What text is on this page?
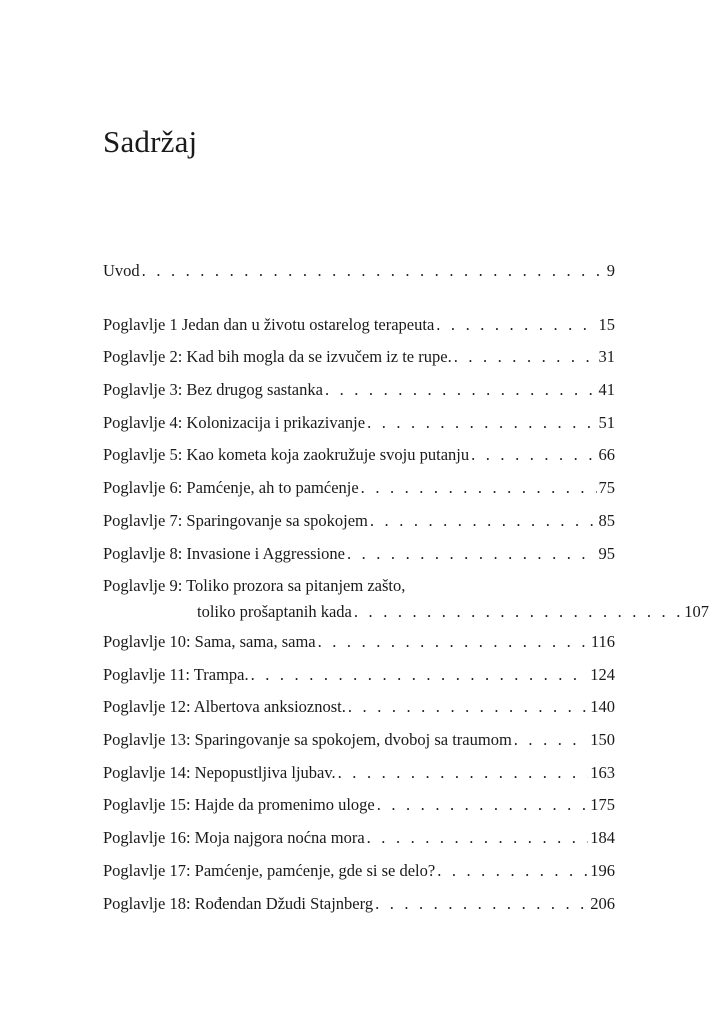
Sadržaj
Uvod . . .	9
Poglavlje 1 Jedan dan u životu ostarelog terapeuta . . .	15
Poglavlje 2: Kad bih mogla da se izvučem iz te rupe. . . .	31
Poglavlje 3: Bez drugog sastanka . . .	41
Poglavlje 4: Kolonizacija i prikazivanje . . .	51
Poglavlje 5: Kao kometa koja zaokružuje svoju putanju . . .	66
Poglavlje 6: Pamćenje, ah to pamćenje . . .	75
Poglavlje 7: Sparingovanje sa spokojem . . .	85
Poglavlje 8: Invasione i Aggressione . . .	95
Poglavlje 9: Toliko prozora sa pitanjem zašto,
toliko prošaptanih kada . . .	107
Poglavlje 10: Sama, sama, sama . . .	116
Poglavlje 11: Trampa. . . .	124
Poglavlje 12: Albertova anksioznost. . . .	140
Poglavlje 13: Sparingovanje sa spokojem, dvoboj sa traumom . . .	150
Poglavlje 14: Nepopustljiva ljubav. . . .	163
Poglavlje 15: Hajde da promenimo uloge . . .	175
Poglavlje 16: Moja najgora noćna mora . . .	184
Poglavlje 17: Pamćenje, pamćenje, gde si se delo? . . .	196
Poglavlje 18: Rođendan Džudi Stajnberg . . .	206
